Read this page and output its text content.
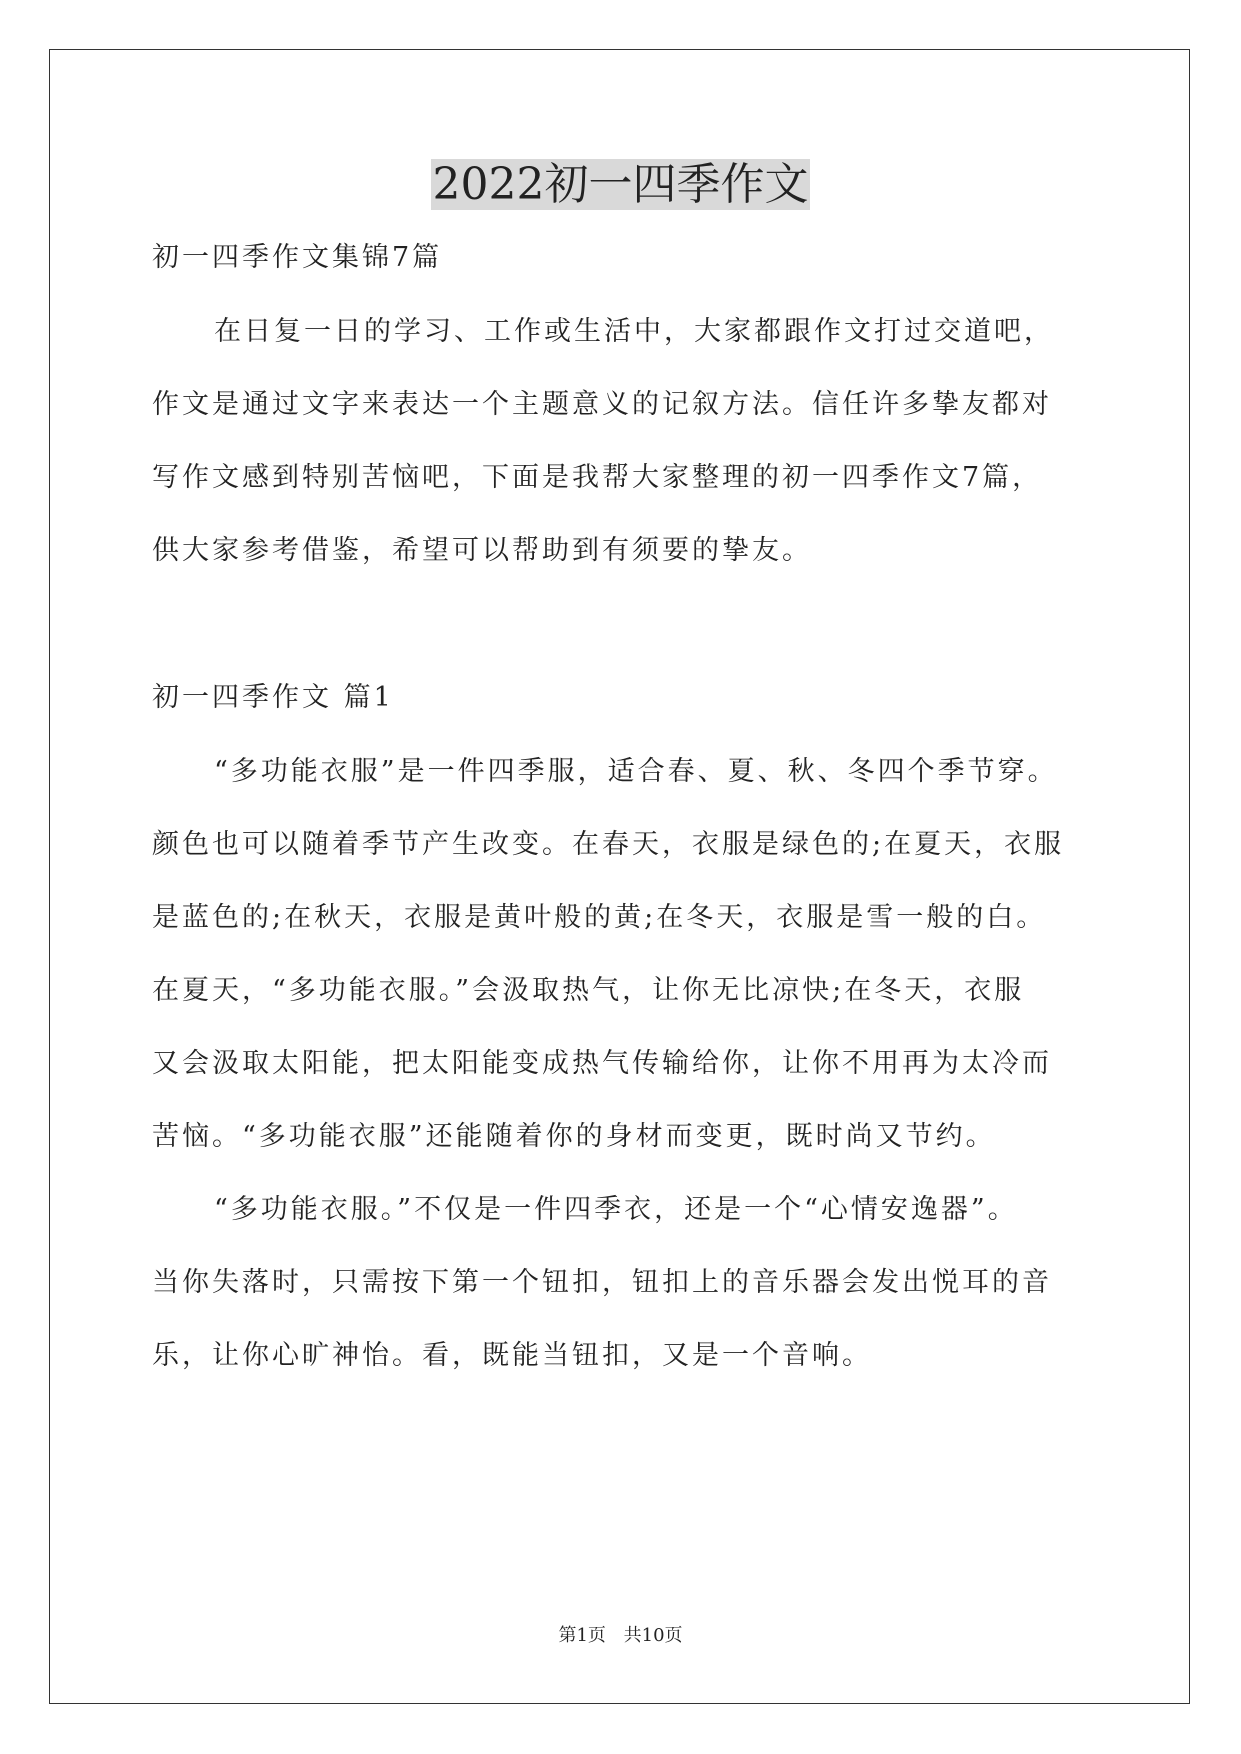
2022初一四季作文
初一四季作文集锦7篇
在日复一日的学习、工作或生活中，大家都跟作文打过交道吧，
作文是通过文字来表达一个主题意义的记叙方法。信任许多挚友都对
写作文感到特别苦恼吧，下面是我帮大家整理的初一四季作文7篇，
供大家参考借鉴，希望可以帮助到有须要的挚友。
初一四季作文 篇1
“多功能衣服”是一件四季服，适合春、夏、秋、冬四个季节穿。
颜色也可以随着季节产生改变。在春天，衣服是绿色的;在夏天，衣服
是蓝色的;在秋天，衣服是黄叶般的黄;在冬天，衣服是雪一般的白。
在夏天，“多功能衣服。”会汲取热气，让你无比凉快;在冬天，衣服
又会汲取太阳能，把太阳能变成热气传输给你，让你不用再为太冷而
苦恼。“多功能衣服”还能随着你的身材而变更，既时尚又节约。
“多功能衣服。”不仅是一件四季衣，还是一个“心情安逸器”。
当你失落时，只需按下第一个钮扣，钮扣上的音乐器会发出悦耳的音
乐，让你心旷神怡。看，既能当钮扣，又是一个音响。
第1页 共10页
